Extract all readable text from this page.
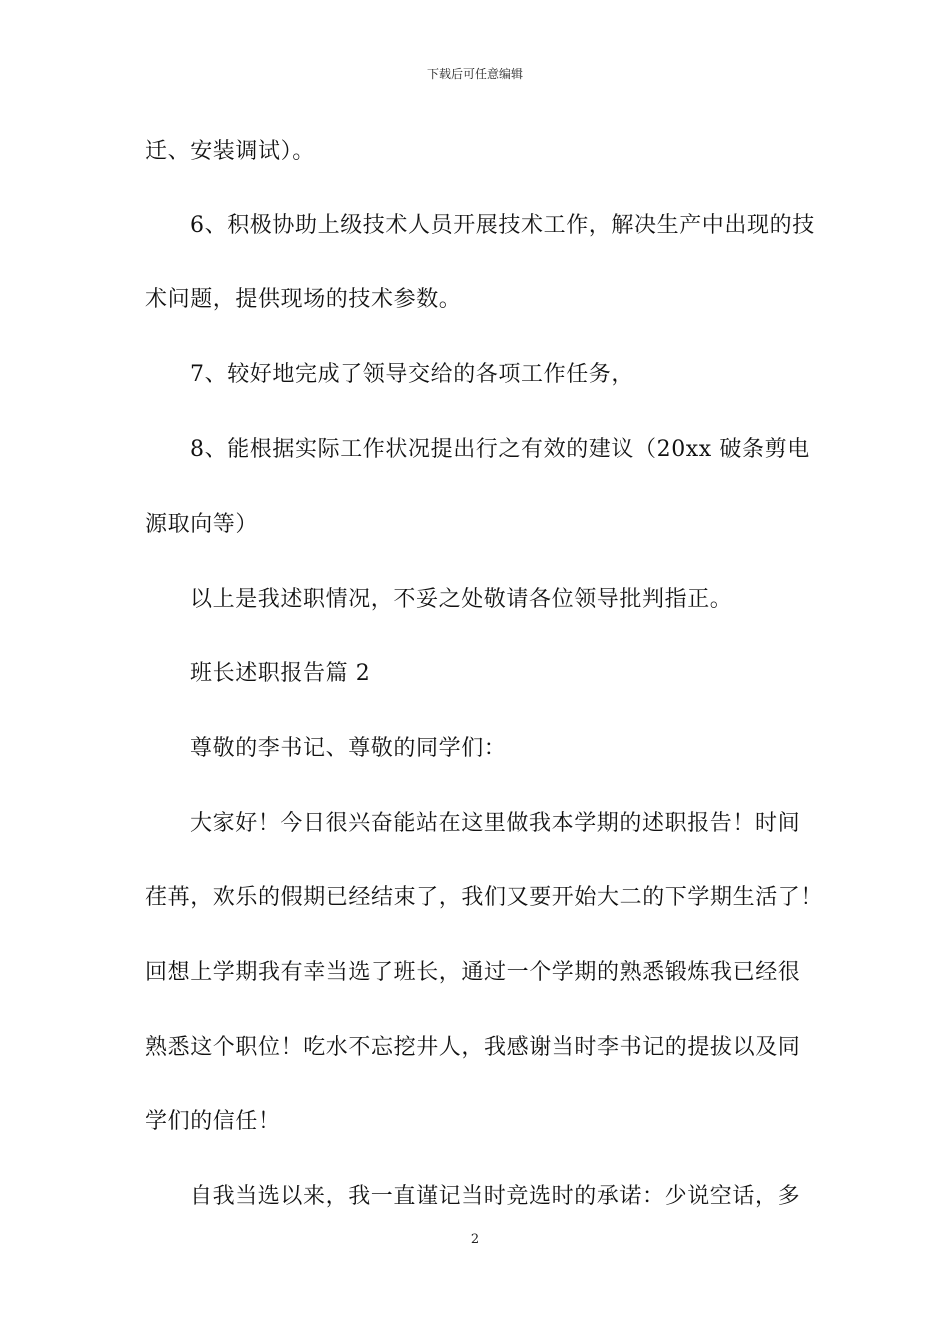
下载后可任意编辑
迁、安装调试）。
6、积极协助上级技术人员开展技术工作，解决生产中出现的技
术问题，提供现场的技术参数。
7、较好地完成了领导交给的各项工作任务，
8、能根据实际工作状况提出行之有效的建议（20xx 破条剪电
源取向等）
以上是我述职情况，不妥之处敬请各位领导批判指正。
班长述职报告篇 2
尊敬的李书记、尊敬的同学们：
大家好！今日很兴奋能站在这里做我本学期的述职报告！时间
荏苒，欢乐的假期已经结束了，我们又要开始大二的下学期生活了！
回想上学期我有幸当选了班长，通过一个学期的熟悉锻炼我已经很
熟悉这个职位！吃水不忘挖井人，我感谢当时李书记的提拔以及同
学们的信任！
自我当选以来，我一直谨记当时竞选时的承诺：少说空话，多
2
